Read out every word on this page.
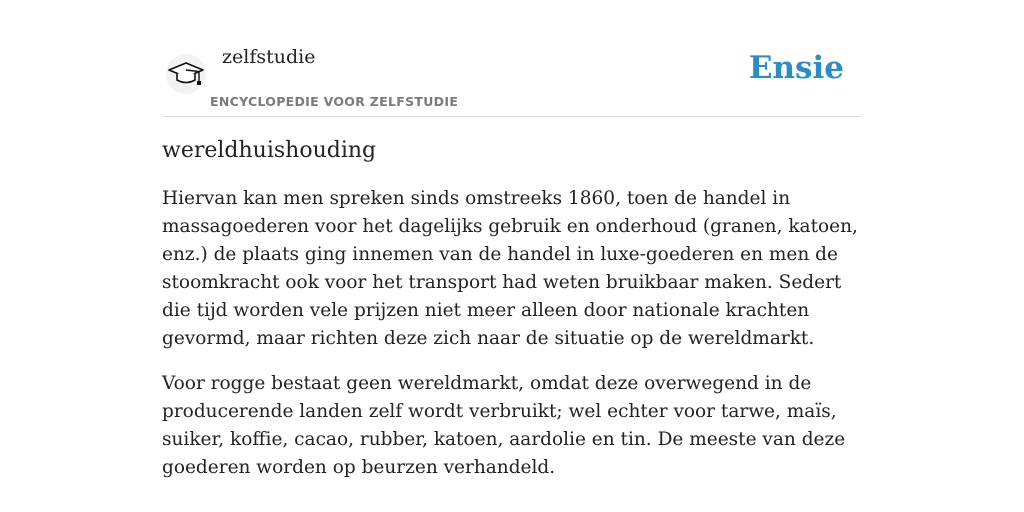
zelfstudie
ENCYCLOPEDIE VOOR ZELFSTUDIE
Ensie
wereldhuishouding

Hiervan kan men spreken sinds omstreeks 1860, toen de handel in massagoederen voor het dagelijks gebruik en onderhoud (granen, katoen, enz.) de plaats ging innemen van de handel in luxe-goederen en men de stoomkracht ook voor het transport had weten bruikbaar maken. Sedert die tijd worden vele prijzen niet meer alleen door nationale krachten gevormd, maar richten deze zich naar de situatie op de wereldmarkt.

Voor rogge bestaat geen wereldmarkt, omdat deze overwegend in de producerende landen zelf wordt verbruikt; wel echter voor tarwe, maïs, suiker, koffie, cacao, rubber, katoen, aardolie en tin. De meeste van deze goederen worden op beurzen verhandeld.
